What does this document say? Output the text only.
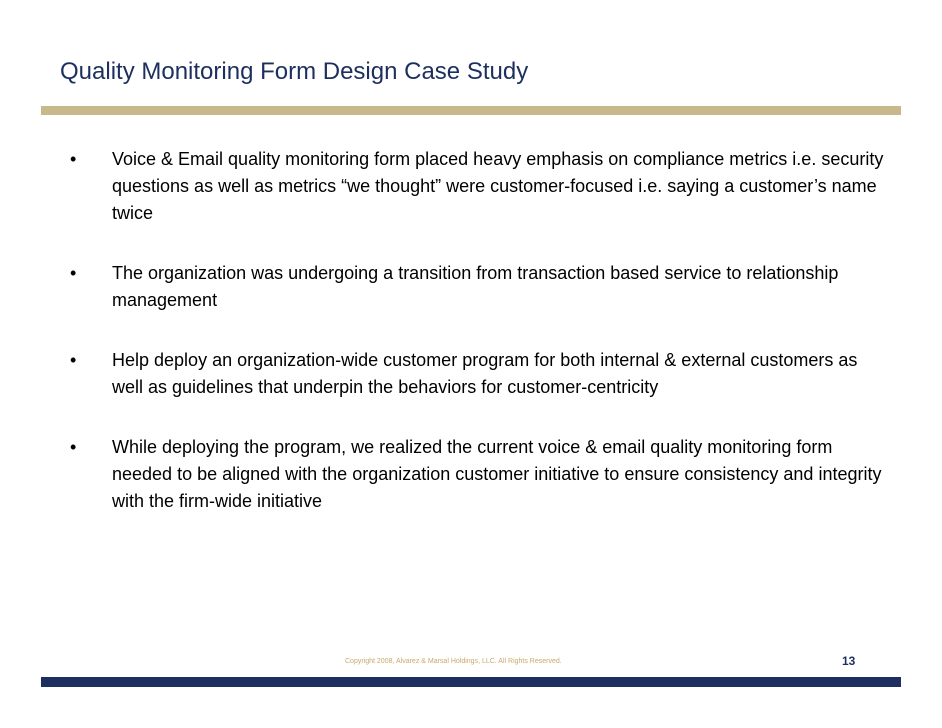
Quality Monitoring Form Design Case Study
•	Voice & Email quality monitoring form placed heavy emphasis on compliance metrics i.e. security questions as well as metrics “we thought” were customer-focused i.e. saying a customer’s name twice
•	The organization was undergoing a transition from transaction based service to relationship management
•	Help deploy an organization-wide customer program for both internal & external customers as well as guidelines that underpin the behaviors for customer-centricity
•	While deploying the program, we realized the current voice & email quality monitoring form needed to be aligned with the organization customer initiative to ensure consistency and integrity with the firm-wide initiative
Copyright 2008, Alvarez & Marsal Holdings, LLC. All Rights Reserved.	13
